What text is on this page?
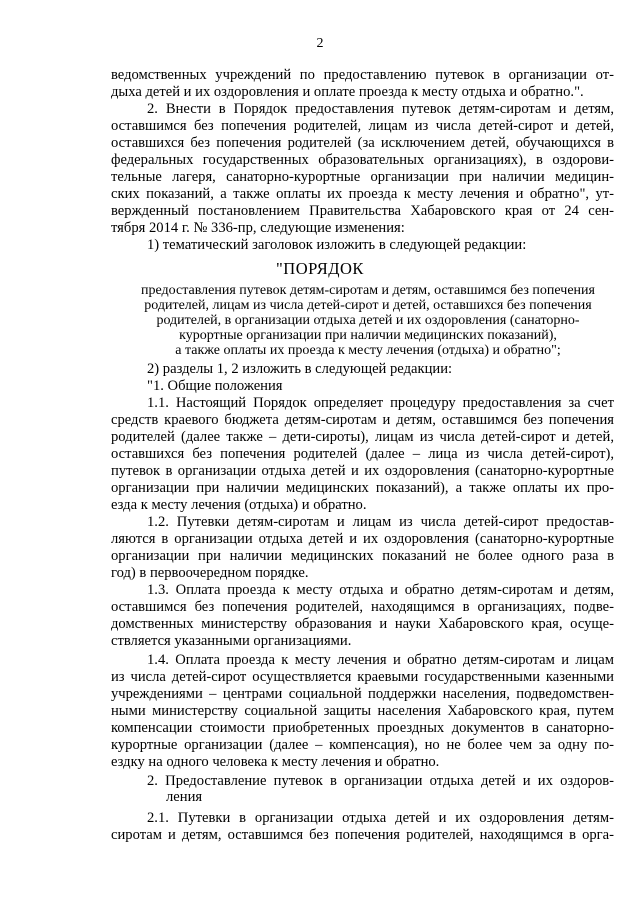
2
ведомственных учреждений по предоставлению путевок в организации от-
дыха детей и их оздоровления и оплате проезда к месту отдыха и обратно.".
2. Внести в Порядок предоставления путевок детям-сиротам и детям,
оставшимся без попечения родителей, лицам из числа детей-сирот и детей,
оставшихся без попечения родителей (за исключением детей, обучающихся в
федеральных государственных образовательных организациях), в оздорови-
тельные лагеря, санаторно-курортные организации при наличии медицин-
ских показаний, а также оплаты их проезда к месту лечения и обратно", ут-
вержденный постановлением Правительства Хабаровского края от 24 сен-
тября 2014 г. № 336-пр, следующие изменения:
1) тематический заголовок изложить в следующей редакции:
"ПОРЯДОК
предоставления путевок детям-сиротам и детям, оставшимся без попечения
родителей, лицам из числа детей-сирот и детей, оставшихся без попечения
родителей, в организации отдыха детей и их оздоровления (санаторно-
курортные организации при наличии медицинских показаний),
а также оплаты их проезда к месту лечения (отдыха) и обратно";
2) разделы 1, 2 изложить в следующей редакции:
"1. Общие положения
1.1. Настоящий Порядок определяет процедуру предоставления за счет
средств краевого бюджета детям-сиротам и детям, оставшимся без попечения
родителей (далее также – дети-сироты), лицам из числа детей-сирот и детей,
оставшихся без попечения родителей (далее – лица из числа детей-сирот),
путевок в организации отдыха детей и их оздоровления (санаторно-курортные
организации при наличии медицинских показаний), а также оплаты их про-
езда к месту лечения (отдыха) и обратно.
1.2. Путевки детям-сиротам и лицам из числа детей-сирот предостав-
ляются в организации отдыха детей и их оздоровления (санаторно-курортные
организации при наличии медицинских показаний не более одного раза в
год) в первоочередном порядке.
1.3. Оплата проезда к месту отдыха и обратно детям-сиротам и детям,
оставшимся без попечения родителей, находящимся в организациях, подве-
домственных министерству образования и науки Хабаровского края, осуще-
ствляется указанными организациями.
1.4. Оплата проезда к месту лечения и обратно детям-сиротам и лицам
из числа детей-сирот осуществляется краевыми государственными казенными
учреждениями – центрами социальной поддержки населения, подведомствен-
ными министерству социальной защиты населения Хабаровского края, путем
компенсации стоимости приобретенных проездных документов в санаторно-
курортные организации (далее – компенсация), но не более чем за одну по-
ездку на одного человека к месту лечения и обратно.
2. Предоставление путевок в организации отдыха детей и их оздоров-
ления
2.1. Путевки в организации отдыха детей и их оздоровления детям-
сиротам и детям, оставшимся без попечения родителей, находящимся в орга-
